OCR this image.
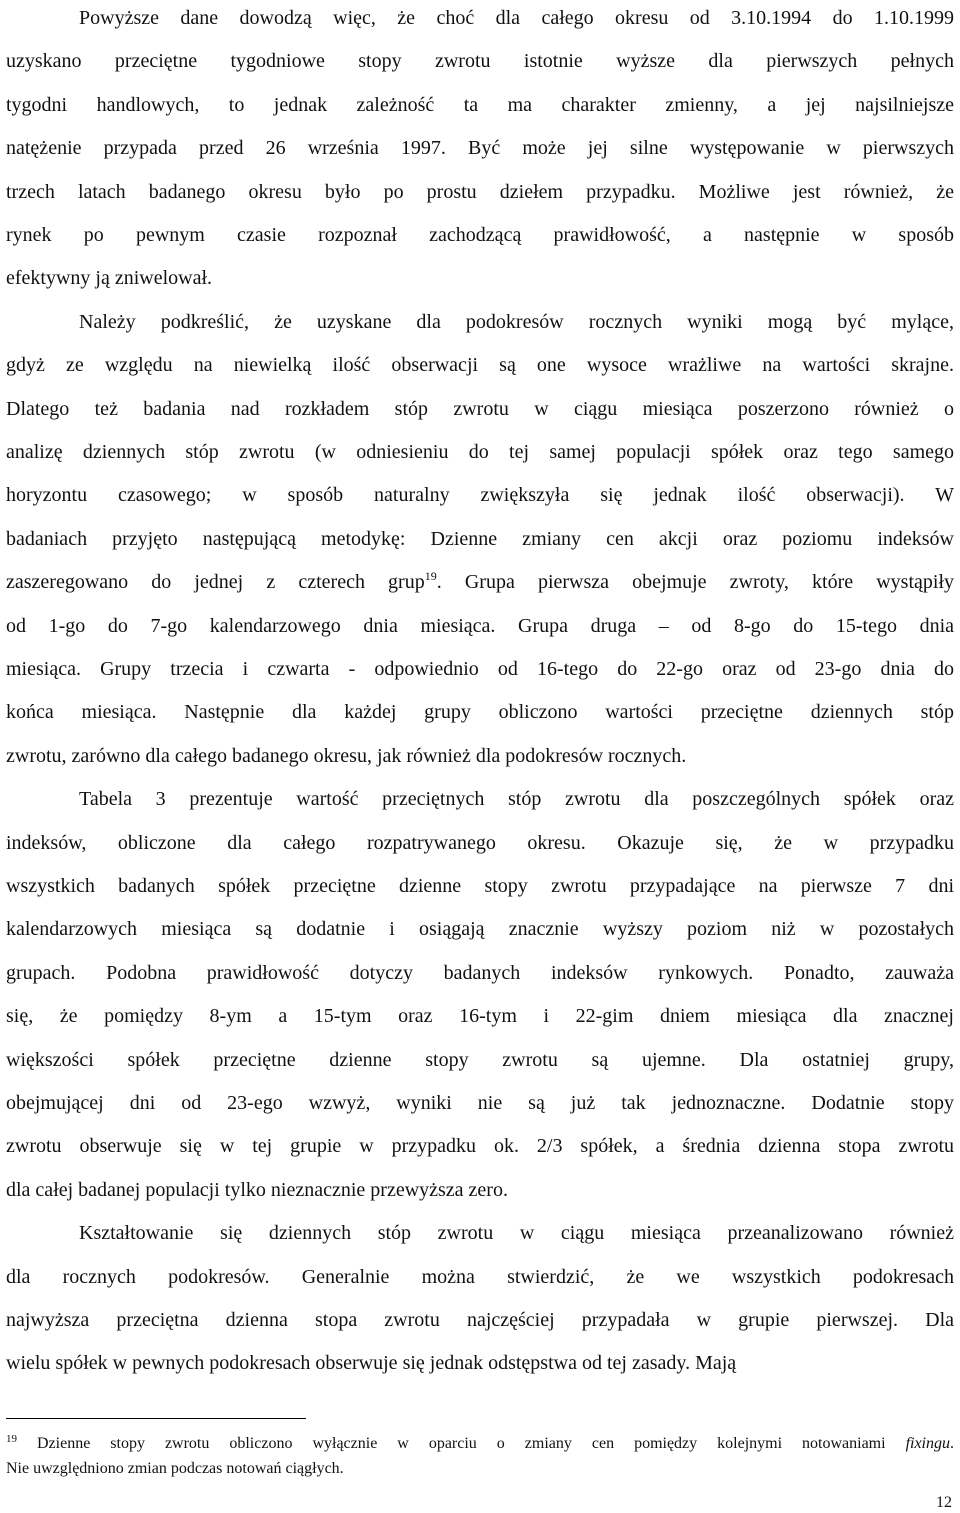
Powyższe dane dowodzą więc, że choć dla całego okresu od 3.10.1994 do 1.10.1999
uzyskano przeciętne tygodniowe stopy zwrotu istotnie wyższe dla pierwszych pełnych
tygodni handlowych, to jednak zależność ta ma charakter zmienny, a jej najsilniejsze
natężenie przypada przed 26 września 1997. Być może jej silne występowanie w pierwszych
trzech latach badanego okresu było po prostu dziełem przypadku. Możliwe jest również, że
rynek po pewnym czasie rozpoznał zachodzącą prawidłowość, a następnie w sposób
efektywny ją zniwelował.
Należy podkreślić, że uzyskane dla podokresów rocznych wyniki mogą być mylące,
gdyż ze względu na niewielką ilość obserwacji są one wysoce wrażliwe na wartości skrajne.
Dlatego też badania nad rozkładem stóp zwrotu w ciągu miesiąca poszerzono również o
analizę dziennych stóp zwrotu (w odniesieniu do tej samej populacji spółek oraz tego samego
horyzontu czasowego; w sposób naturalny zwiększyła się jednak ilość obserwacji). W
badaniach przyjęto następującą metodykę: Dzienne zmiany cen akcji oraz poziomu indeksów
zaszeregowano do jednej z czterech grup$^{19}$. Grupa pierwsza obejmuje zwroty, które wystąpiły
od 1-go do 7-go kalendarzowego dnia miesiąca. Grupa druga – od 8-go do 15-tego dnia
miesiąca. Grupy trzecia i czwarta - odpowiednio od 16-tego do 22-go oraz od 23-go dnia do
końca miesiąca. Następnie dla każdej grupy obliczono wartości przeciętne dziennych stóp
zwrotu, zarówno dla całego badanego okresu, jak również dla podokresów rocznych.
Tabela 3 prezentuje wartość przeciętnych stóp zwrotu dla poszczególnych spółek oraz
indeksów, obliczone dla całego rozpatrywanego okresu. Okazuje się, że w przypadku
wszystkich badanych spółek przeciętne dzienne stopy zwrotu przypadające na pierwsze 7 dni
kalendarzowych miesiąca są dodatnie i osiągają znacznie wyższy poziom niż w pozostałych
grupach. Podobna prawidłowość dotyczy badanych indeksów rynkowych. Ponadto, zauważa
się, że pomiędzy 8-ym a 15-tym oraz 16-tym i 22-gim dniem miesiąca dla znacznej
większości spółek przeciętne dzienne stopy zwrotu są ujemne. Dla ostatniej grupy,
obejmującej dni od 23-ego wzwyż, wyniki nie są już tak jednoznaczne. Dodatnie stopy
zwrotu obserwuje się w tej grupie w przypadku ok. 2/3 spółek, a średnia dzienna stopa zwrotu
dla całej badanej populacji tylko nieznacznie przewyższa zero.
Kształtowanie się dziennych stóp zwrotu w ciągu miesiąca przeanalizowano również
dla rocznych podokresów. Generalnie można stwierdzić, że we wszystkich podokresach
najwyższa przeciętna dzienna stopa zwrotu najczęściej przypadała w grupie pierwszej. Dla
wielu spółek w pewnych podokresach obserwuje się jednak odstępstwa od tej zasady. Mają
$^{19}$ Dzienne stopy zwrotu obliczono wyłącznie w oparciu o zmiany cen pomiędzy kolejnymi notowaniami fixingu.
Nie uwzględniono zmian podczas notowań ciągłych.
12
